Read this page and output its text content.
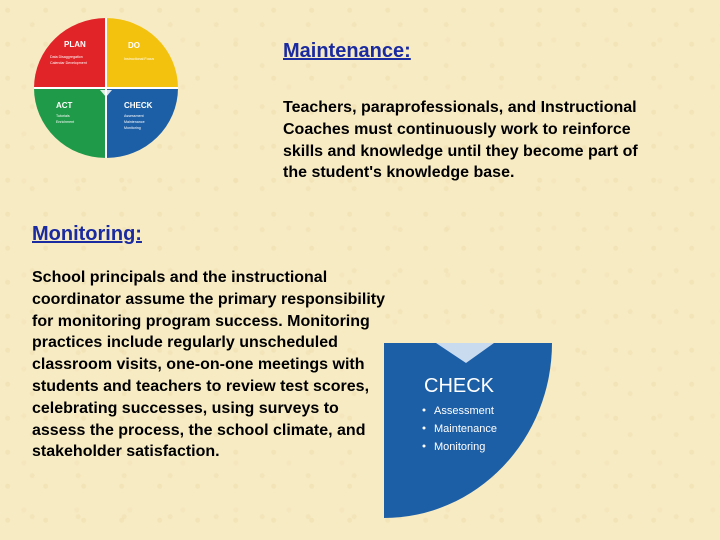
PLAN
Data Disaggregation
Calendar Development
DO
Instructional Focus
ACT
Tutorials
Enrichment
CHECK
Assessment
Maintenance
Monitoring
Maintenance:

Teachers, paraprofessionals, and Instructional Coaches must continuously work to reinforce skills and knowledge until they become part of the student's knowledge base.

Monitoring:

School principals and the instructional coordinator assume the primary responsibility for monitoring program success. Monitoring practices include regularly unscheduled classroom visits, one-on-one meetings with students and teachers to review test scores, celebrating successes, using surveys to assess the process, the school climate, and stakeholder satisfaction.

CHECK
Assessment
Maintenance
Monitoring
